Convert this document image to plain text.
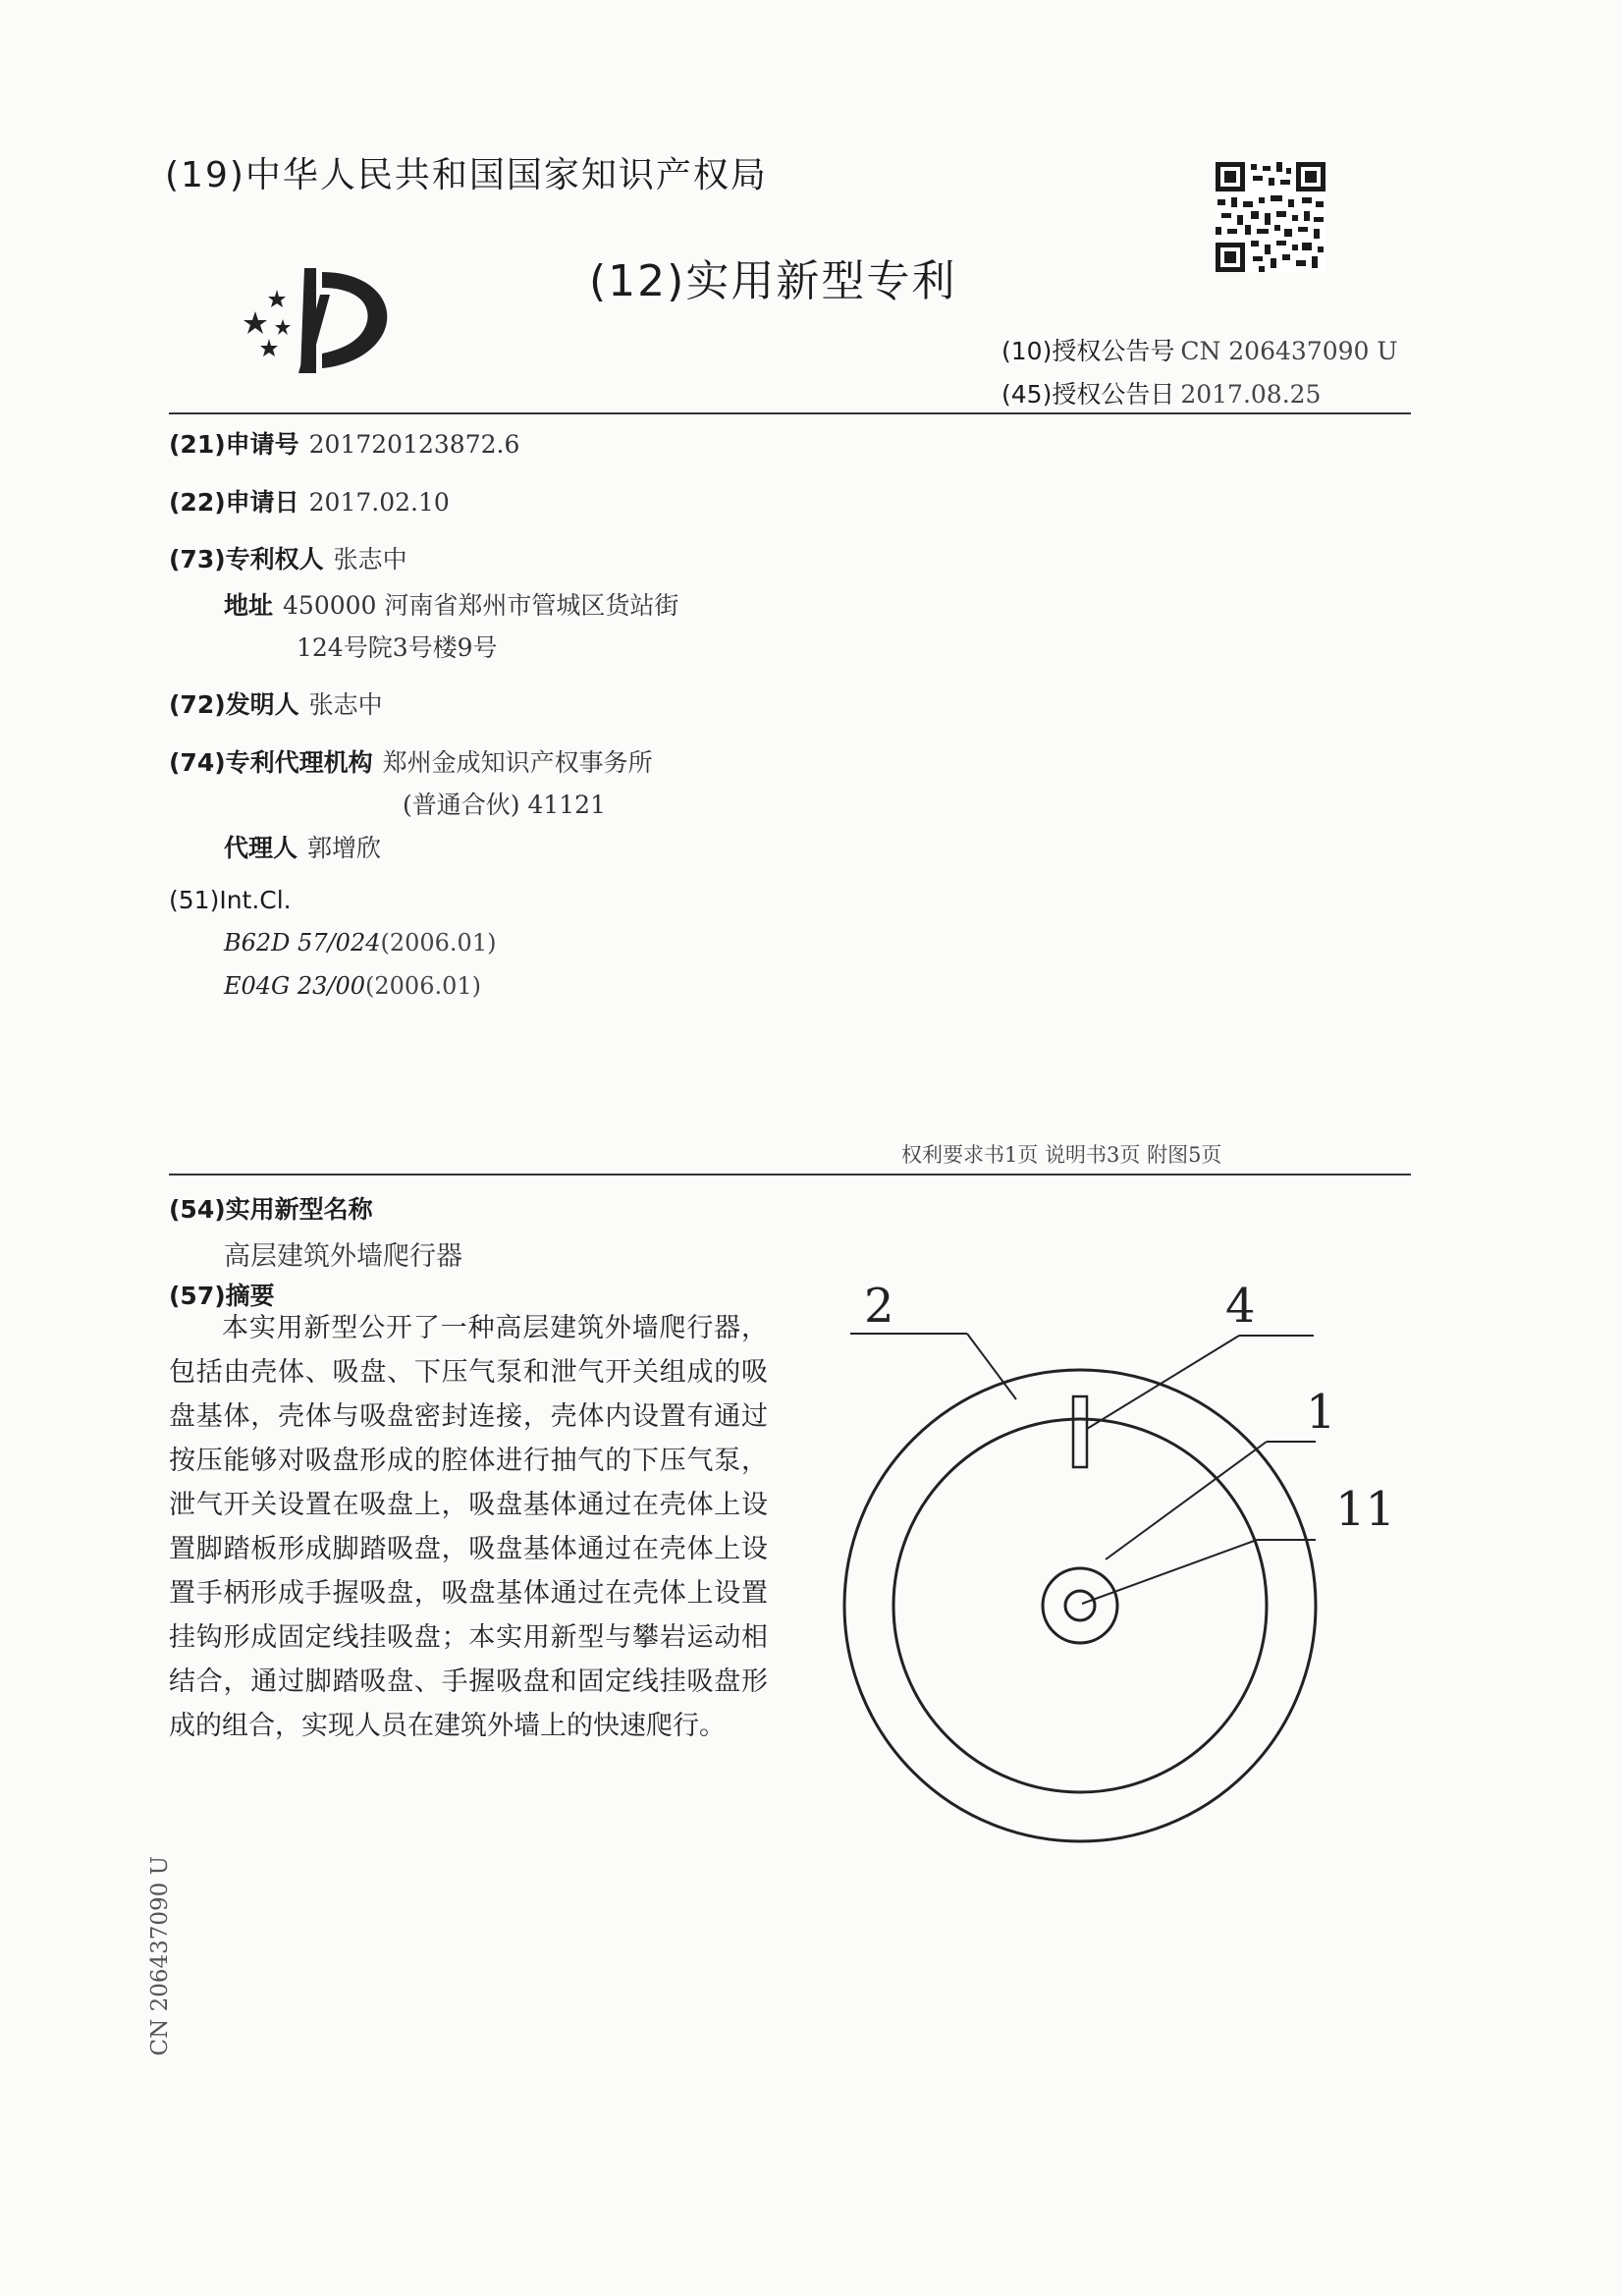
(19)中华人民共和国国家知识产权局
(12)实用新型专利
(10)授权公告号 CN 206437090 U
(45)授权公告日 2017.08.25
(21)申请号 201720123872.6
(22)申请日 2017.02.10
(73)专利权人 张志中
地址 450000 河南省郑州市管城区货站街
124号院3号楼9号
(72)发明人 张志中
(74)专利代理机构 郑州金成知识产权事务所
(普通合伙) 41121
代理人 郭增欣
(51)Int.Cl.
B62D 57/024(2006.01)
E04G 23/00(2006.01)
权利要求书1页 说明书3页 附图5页
(54)实用新型名称
高层建筑外墙爬行器
(57)摘要
本实用新型公开了一种高层建筑外墙爬行器，包括由壳体、吸盘、下压气泵和泄气开关组成的吸盘基体，壳体与吸盘密封连接，壳体内设置有通过按压能够对吸盘形成的腔体进行抽气的下压气泵，泄气开关设置在吸盘上，吸盘基体通过在壳体上设置脚踏板形成脚踏吸盘，吸盘基体通过在壳体上设置手柄形成手握吸盘，吸盘基体通过在壳体上设置挂钩形成固定线挂吸盘；本实用新型与攀岩运动相结合，通过脚踏吸盘、手握吸盘和固定线挂吸盘形成的组合，实现人员在建筑外墙上的快速爬行。
2	4
1
11
CN 206437090 U
